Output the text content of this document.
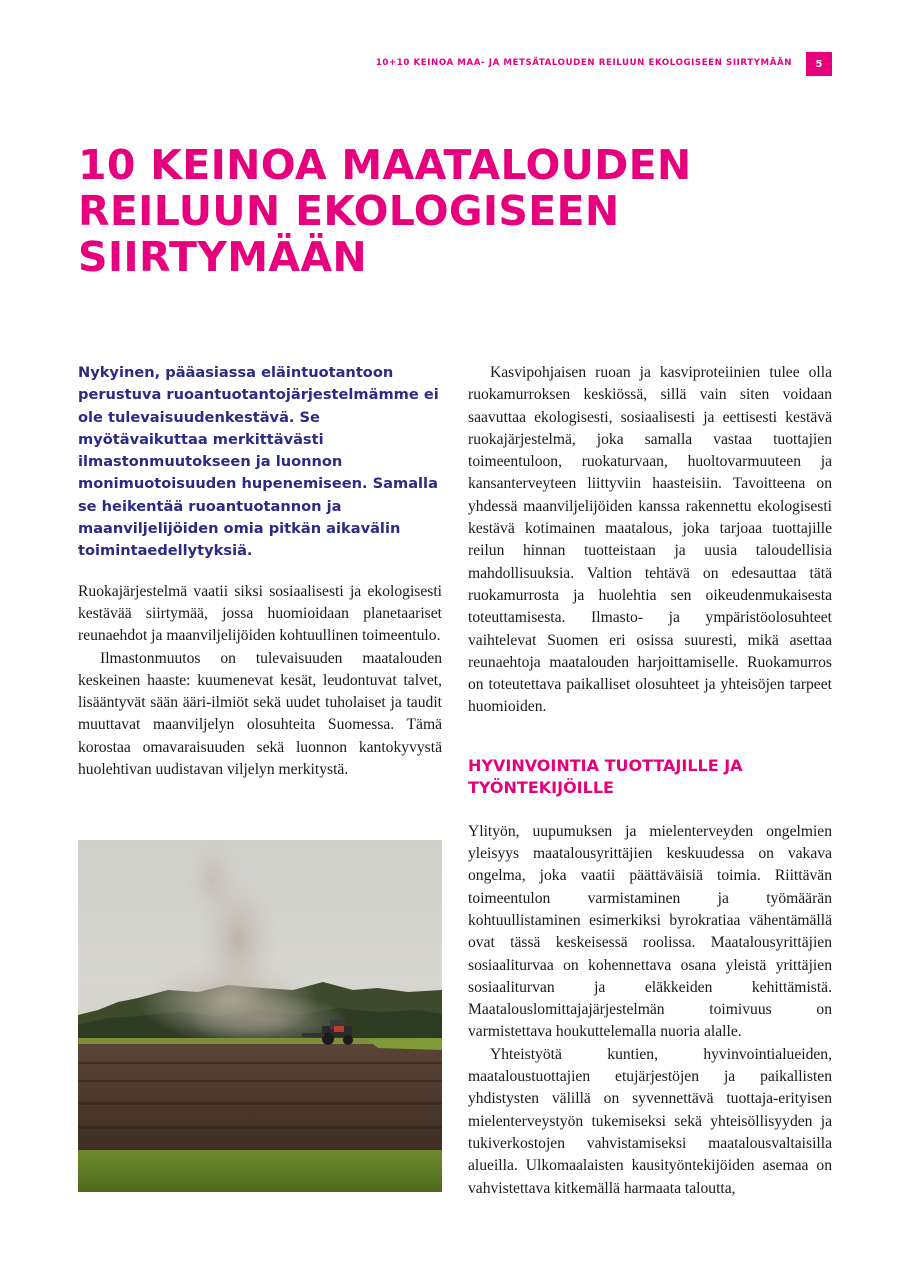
10+10 KEINOA MAA- JA METSÄTALOUDEN REILUUN EKOLOGISEEN SIIRTYMÄÄN	5
10 KEINOA MAATALOUDEN
REILUUN EKOLOGISEEN
SIIRTYMÄÄN

Nykyinen, pääasiassa eläintuotantoon perustuva ruoantuotantojärjestelmämme ei ole tulevaisuudenkestävä. Se myötävaikuttaa merkittävästi ilmastonmuutokseen ja luonnon monimuotoisuuden hupenemiseen. Samalla se heikentää ruoantuotannon ja maanviljelijöiden omia pitkän aikavälin toimintaedellytyksiä.

Ruokajärjestelmä vaatii siksi sosiaalisesti ja ekologisesti kestävää siirtymää, jossa huomioidaan planetaariset reunaehdot ja maanviljelijöiden kohtuullinen toimeentulo.

Ilmastonmuutos on tulevaisuuden maatalouden keskeinen haaste: kuumenevat kesät, leudontuvat talvet, lisääntyvät sään ääri-ilmiöt sekä uudet tuholaiset ja taudit muuttavat maanviljelyn olosuhteita Suomessa. Tämä korostaa omavaraisuuden sekä luonnon kantokyvystä huolehtivan uudistavan viljelyn merkitystä.

Kasvipohjaisen ruoan ja kasviproteiinien tulee olla ruokamurroksen keskiössä, sillä vain siten voidaan saavuttaa ekologisesti, sosiaalisesti ja eettisesti kestävä ruokajärjestelmä, joka samalla vastaa tuottajien toimeentuloon, ruokaturvaan, huoltovarmuuteen ja kansanterveyteen liittyviin haasteisiin. Tavoitteena on yhdessä maanviljelijöiden kanssa rakennettu ekologisesti kestävä kotimainen maatalous, joka tarjoaa tuottajille reilun hinnan tuotteistaan ja uusia taloudellisia mahdollisuuksia. Valtion tehtävä on edesauttaa tätä ruokamurrosta ja huolehtia sen oikeudenmukaisesta toteuttamisesta. Ilmasto- ja ympäristöolosuhteet vaihtelevat Suomen eri osissa suuresti, mikä asettaa reunaehtoja maatalouden harjoittamiselle. Ruokamurros on toteutettava paikalliset olosuhteet ja yhteisöjen tarpeet huomioiden.

HYVINVOINTIA TUOTTAJILLE JA TYÖNTEKIJÖILLE

Ylityön, uupumuksen ja mielenterveyden ongelmien yleisyys maatalousyrittäjien keskuudessa on vakava ongelma, joka vaatii päättäväisiä toimia. Riittävän toimeentulon varmistaminen ja työmäärän kohtuullistaminen esimerkiksi byrokratiaa vähentämällä ovat tässä keskeisessä roolissa. Maatalousyrittäjien sosiaaliturvaa on kohennettava osana yleistä yrittäjien sosiaaliturvan ja eläkkeiden kehittämistä. Maatalouslomittajajärjestelmän toimivuus on varmistettava houkuttelemalla nuoria alalle.

Yhteistyötä kuntien, hyvinvointialueiden, maataloustuottajien etujärjestöjen ja paikallisten yhdistysten välillä on syvennettävä tuottaja-erityisen mielenterveystyön tukemiseksi sekä yhteisöllisyyden ja tukiverkostojen vahvistamiseksi maatalousvaltaisilla alueilla. Ulkomaalaisten kausityöntekijöiden asemaa on vahvistettava kitkemällä harmaata taloutta,
